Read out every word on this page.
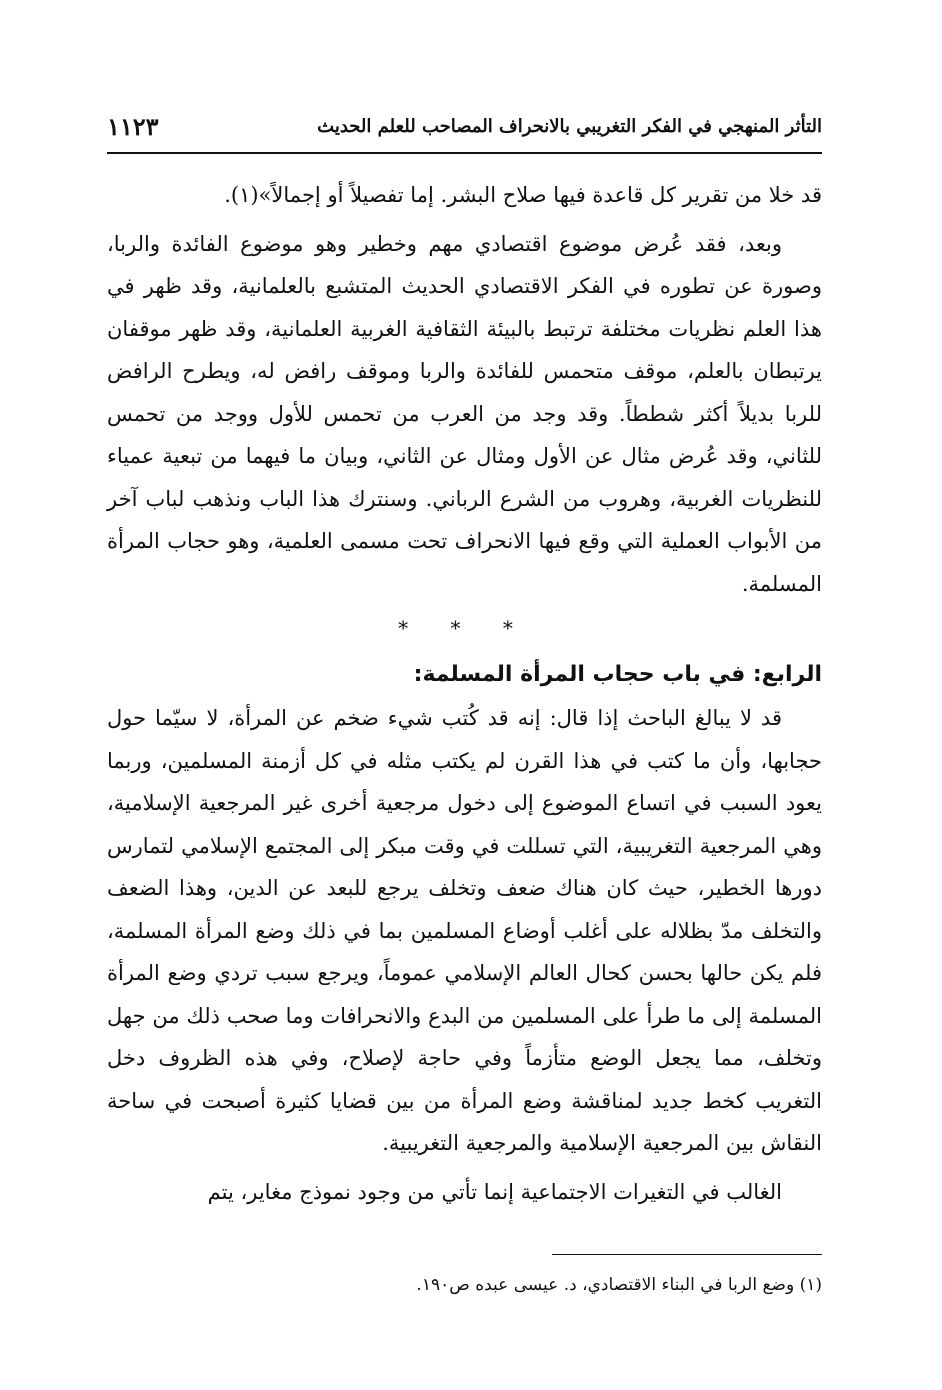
التأثر المنهجي في الفكر التغريبي بالانحراف المصاحب للعلم الحديث
١١٢٣

قد خلا من تقرير كل قاعدة فيها صلاح البشر. إما تفصيلاً أو إجمالاً»(١).

وبعد، فقد عُرض موضوع اقتصادي مهم وخطير وهو موضوع الفائدة والربا، وصورة عن تطوره في الفكر الاقتصادي الحديث المتشبع بالعلمانية، وقد ظهر في هذا العلم نظريات مختلفة ترتبط بالبيئة الثقافية الغربية العلمانية، وقد ظهر موقفان يرتبطان بالعلم، موقف متحمس للفائدة والربا وموقف رافض له، ويطرح الرافض للربا بديلاً أكثر شططاً. وقد وجد من العرب من تحمس للأول ووجد من تحمس للثاني، وقد عُرض مثال عن الأول ومثال عن الثاني، وبيان ما فيهما من تبعية عمياء للنظريات الغربية، وهروب من الشرع الرباني. وسنترك هذا الباب ونذهب لباب آخر من الأبواب العملية التي وقع فيها الانحراف تحت مسمى العلمية، وهو حجاب المرأة المسلمة.

* * *
الرابع: في باب حجاب المرأة المسلمة:

قد لا يبالغ الباحث إذا قال: إنه قد كُتب شيء ضخم عن المرأة، لا سيّما حول حجابها، وأن ما كتب في هذا القرن لم يكتب مثله في كل أزمنة المسلمين، وربما يعود السبب في اتساع الموضوع إلى دخول مرجعية أخرى غير المرجعية الإسلامية، وهي المرجعية التغريبية، التي تسللت في وقت مبكر إلى المجتمع الإسلامي لتمارس دورها الخطير، حيث كان هناك ضعف وتخلف يرجع للبعد عن الدين، وهذا الضعف والتخلف مدّ بظلاله على أغلب أوضاع المسلمين بما في ذلك وضع المرأة المسلمة، فلم يكن حالها بحسن كحال العالم الإسلامي عموماً، ويرجع سبب تردي وضع المرأة المسلمة إلى ما طرأ على المسلمين من البدع والانحرافات وما صحب ذلك من جهل وتخلف، مما يجعل الوضع متأزماً وفي حاجة لإصلاح، وفي هذه الظروف دخل التغريب كخط جديد لمناقشة وضع المرأة من بين قضايا كثيرة أصبحت في ساحة النقاش بين المرجعية الإسلامية والمرجعية التغريبية.

الغالب في التغيرات الاجتماعية إنما تأتي من وجود نموذج مغاير، يتم

(١) وضع الربا في البناء الاقتصادي، د. عيسى عبده ص١٩٠.
